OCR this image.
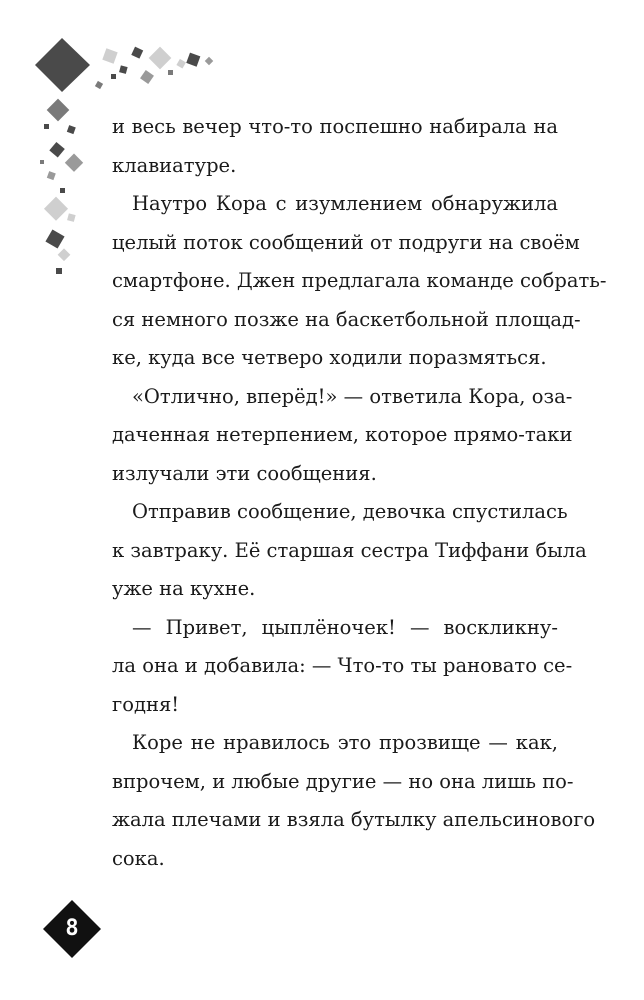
и весь вечер что-то поспешно набирала на
клавиатуре.

Наутро Кора с изумлением обнаружила
целый поток сообщений от подруги на своём
смартфоне. Джен предлагала команде собрать-
ся немного позже на баскетбольной площад-
ке, куда все четверо ходили поразмяться.

«Отлично, вперёд!» — ответила Кора, оза-
даченная нетерпением, которое прямо-таки
излучали эти сообщения.

Отправив сообщение, девочка спустилась
к завтраку. Её старшая сестра Тиффани была
уже на кухне.

— Привет, цыплёночек! — воскликну-
ла она и добавила: — Что-то ты рановато се-
годня!

Коре не нравилось это прозвище — как,
впрочем, и любые другие — но она лишь по-
жала плечами и взяла бутылку апельсинового
сока.

8
